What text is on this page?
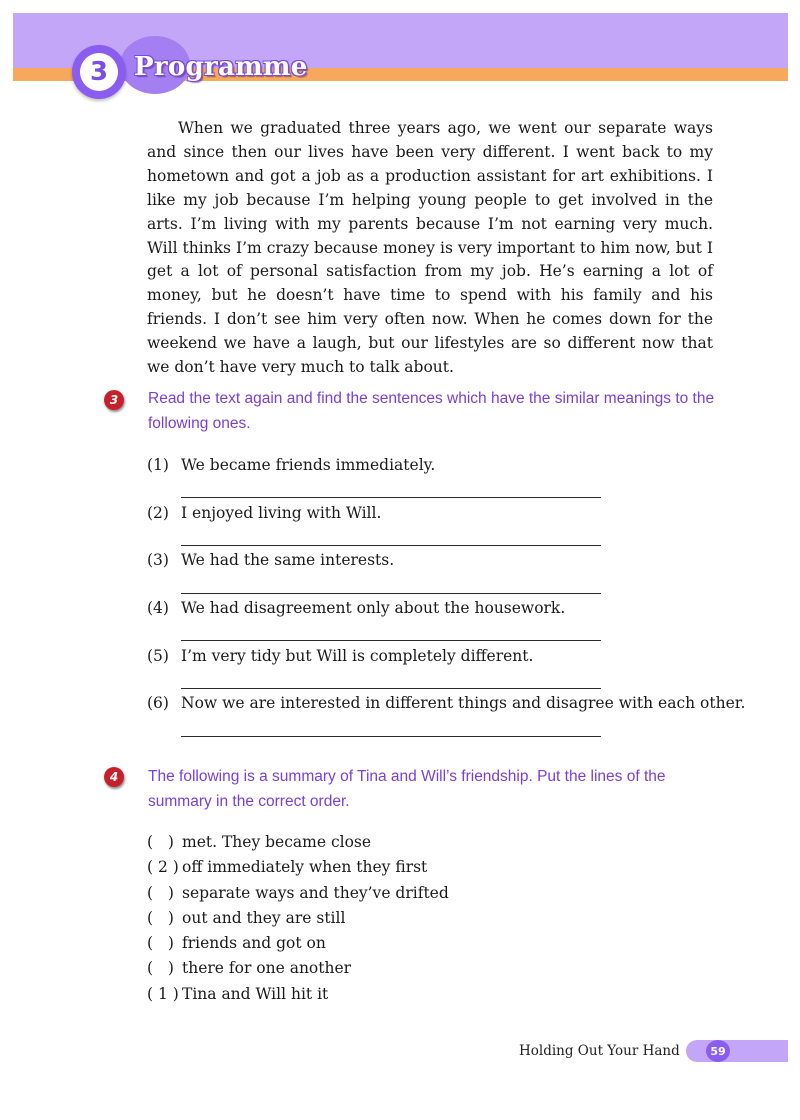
3 Programme

When we graduated three years ago, we went our separate ways and since then our lives have been very different. I went back to my hometown and got a job as a production assistant for art exhibitions. I like my job because I’m helping young people to get involved in the arts. I’m living with my parents because I’m not earning very much. Will thinks I’m crazy because money is very important to him now, but I get a lot of personal satisfaction from my job. He’s earning a lot of money, but he doesn’t have time to spend with his family and his friends. I don’t see him very often now. When he comes down for the weekend we have a laugh, but our lifestyles are so different now that we don’t have very much to talk about.

3 Read the text again and find the sentences which have the similar meanings to the following ones.

(1) We became friends immediately.
(2) I enjoyed living with Will.
(3) We had the same interests.
(4) We had disagreement only about the housework.
(5) I’m very tidy but Will is completely different.
(6) Now we are interested in different things and disagree with each other.
4 The following is a summary of Tina and Will’s friendship. Put the lines of the summary in the correct order.

(   ) met. They became close
( 2 ) off immediately when they first
(   ) separate ways and they’ve drifted
(   ) out and they are still
(   ) friends and got on
(   ) there for one another
( 1 ) Tina and Will hit it
Holding Out Your Hand	59
